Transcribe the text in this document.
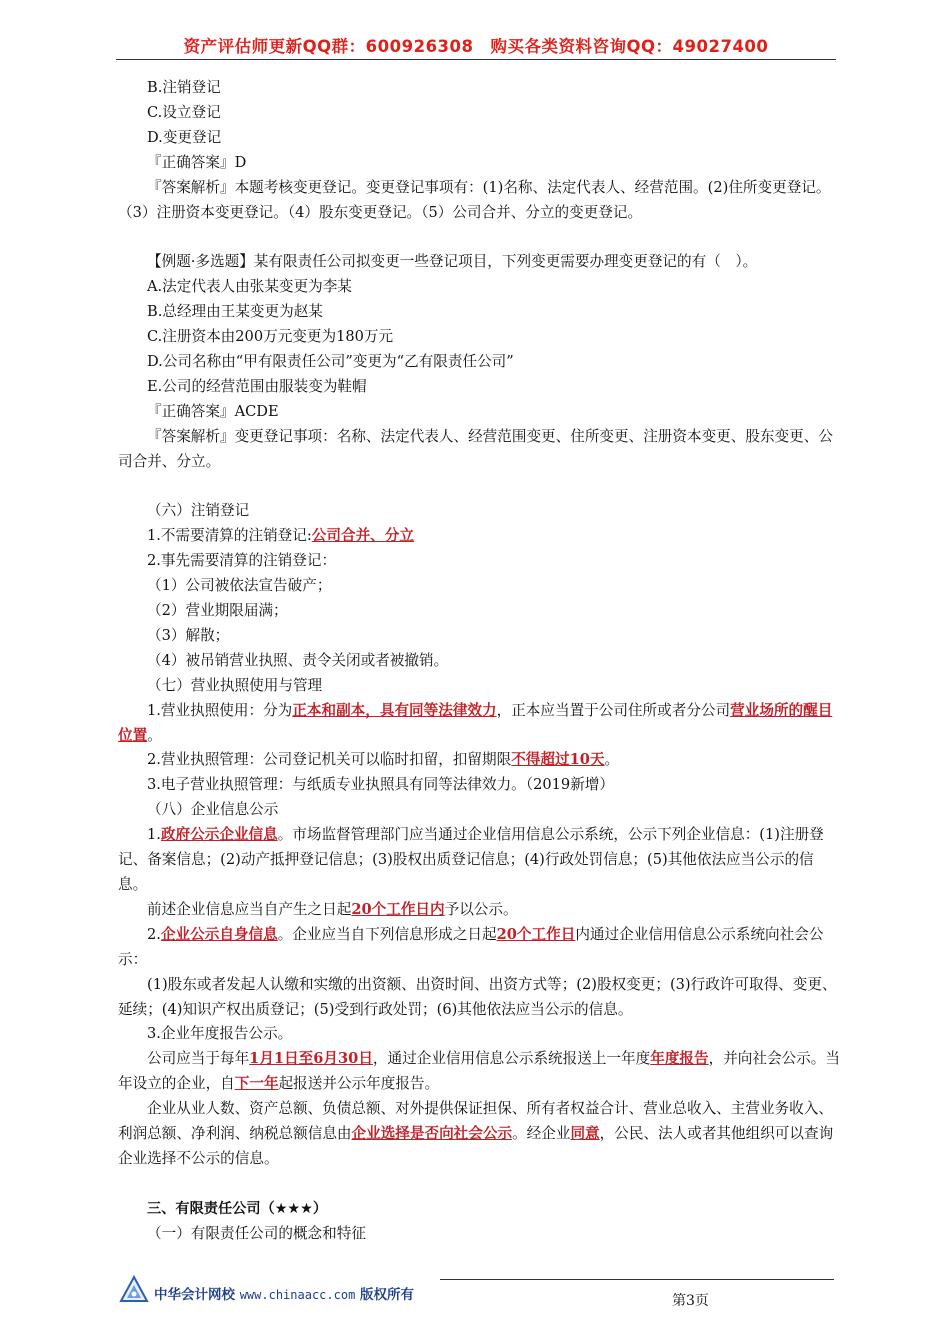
资产评估师更新QQ群：600926308　购买各类资料咨询QQ：49027400

B.注销登记

C.设立登记

D.变更登记

『正确答案』D

『答案解析』本题考核变更登记。变更登记事项有：(1)名称、法定代表人、经营范围。(2)住所变更登记。（3）注册资本变更登记。（4）股东变更登记。（5）公司合并、分立的变更登记。

【例题·多选题】某有限责任公司拟变更一些登记项目，下列变更需要办理变更登记的有（　）。

A.法定代表人由张某变更为李某

B.总经理由王某变更为赵某

C.注册资本由200万元变更为180万元

D.公司名称由“甲有限责任公司”变更为“乙有限责任公司”

E.公司的经营范围由服装变为鞋帽

『正确答案』ACDE

『答案解析』变更登记事项：名称、法定代表人、经营范围变更、住所变更、注册资本变更、股东变更、公司合并、分立。

（六）注销登记

1.不需要清算的注销登记:公司合并、分立

2.事先需要清算的注销登记：

（1）公司被依法宣告破产；

（2）营业期限届满；

（3）解散；

（4）被吊销营业执照、责令关闭或者被撤销。

（七）营业执照使用与管理

1.营业执照使用：分为正本和副本，具有同等法律效力，正本应当置于公司住所或者分公司营业场所的醒目位置。

2.营业执照管理：公司登记机关可以临时扣留，扣留期限不得超过10天。

3.电子营业执照管理：与纸质专业执照具有同等法律效力。（2019新增）

（八）企业信息公示

1.政府公示企业信息。市场监督管理部门应当通过企业信用信息公示系统，公示下列企业信息：(1)注册登记、备案信息；(2)动产抵押登记信息；(3)股权出质登记信息；(4)行政处罚信息；(5)其他依法应当公示的信息。

前述企业信息应当自产生之日起20个工作日内予以公示。

2.企业公示自身信息。企业应当自下列信息形成之日起20个工作日内通过企业信用信息公示系统向社会公示：

(1)股东或者发起人认缴和实缴的出资额、出资时间、出资方式等；(2)股权变更；(3)行政许可取得、变更、延续；(4)知识产权出质登记；(5)受到行政处罚；(6)其他依法应当公示的信息。

3.企业年度报告公示。

公司应当于每年1月1日至6月30日，通过企业信用信息公示系统报送上一年度年度报告，并向社会公示。当年设立的企业，自下一年起报送并公示年度报告。

企业从业人数、资产总额、负债总额、对外提供保证担保、所有者权益合计、营业总收入、主营业务收入、利润总额、净利润、纳税总额信息由企业选择是否向社会公示。经企业同意，公民、法人或者其他组织可以查询企业选择不公示的信息。

三、有限责任公司（★★★）

（一）有限责任公司的概念和特征

中华会计网校 www.chinaacc.com 版权所有	第3页
